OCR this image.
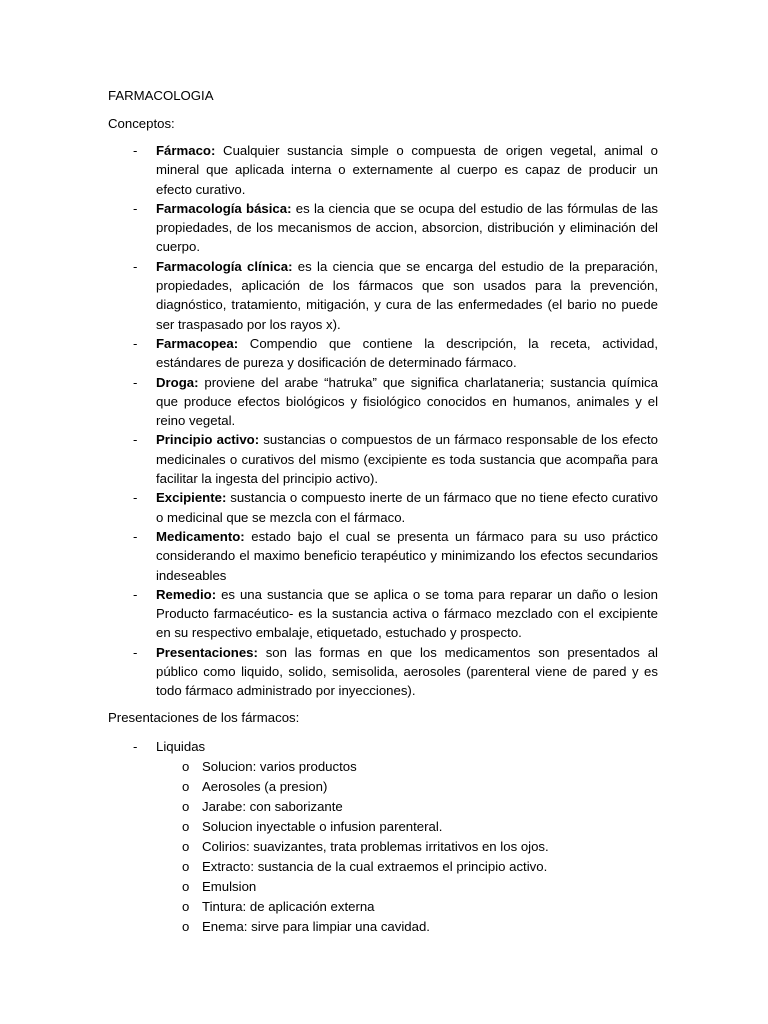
FARMACOLOGIA

Conceptos:

- Fármaco: Cualquier sustancia simple o compuesta de origen vegetal, animal o mineral que aplicada interna o externamente al cuerpo es capaz de producir un efecto curativo.
- Farmacología básica: es la ciencia que se ocupa del estudio de las fórmulas de las propiedades, de los mecanismos de accion, absorcion, distribución y eliminación del cuerpo.
- Farmacología clínica: es la ciencia que se encarga del estudio de la preparación, propiedades, aplicación de los fármacos que son usados para la prevención, diagnóstico, tratamiento, mitigación, y cura de las enfermedades (el bario no puede ser traspasado por los rayos x).
- Farmacopea: Compendio que contiene la descripción, la receta, actividad, estándares de pureza y dosificación de determinado fármaco.
- Droga: proviene del arabe “hatruka” que significa charlataneria; sustancia química que produce efectos biológicos y fisiológico conocidos en humanos, animales y el reino vegetal.
- Principio activo: sustancias o compuestos de un fármaco responsable de los efecto medicinales o curativos del mismo (excipiente es toda sustancia que acompaña para facilitar la ingesta del principio activo).
- Excipiente: sustancia o compuesto inerte de un fármaco que no tiene efecto curativo o medicinal que se mezcla con el fármaco.
- Medicamento: estado bajo el cual se presenta un fármaco para su uso práctico considerando el maximo beneficio terapéutico y minimizando los efectos secundarios indeseables
- Remedio: es una sustancia que se aplica o se toma para reparar un daño o lesion Producto farmacéutico- es la sustancia activa o fármaco mezclado con el excipiente en su respectivo embalaje, etiquetado, estuchado y prospecto.
- Presentaciones: son las formas en que los medicamentos son presentados al público como liquido, solido, semisolida, aerosoles (parenteral viene de pared y es todo fármaco administrado por inyecciones).

Presentaciones de los fármacos:

- Liquidas
o Solucion: varios productos
o Aerosoles (a presion)
o Jarabe: con saborizante
o Solucion inyectable o infusion parenteral.
o Colirios: suavizantes, trata problemas irritativos en los ojos.
o Extracto: sustancia de la cual extraemos el principio activo.
o Emulsion
o Tintura: de aplicación externa
o Enema: sirve para limpiar una cavidad.
